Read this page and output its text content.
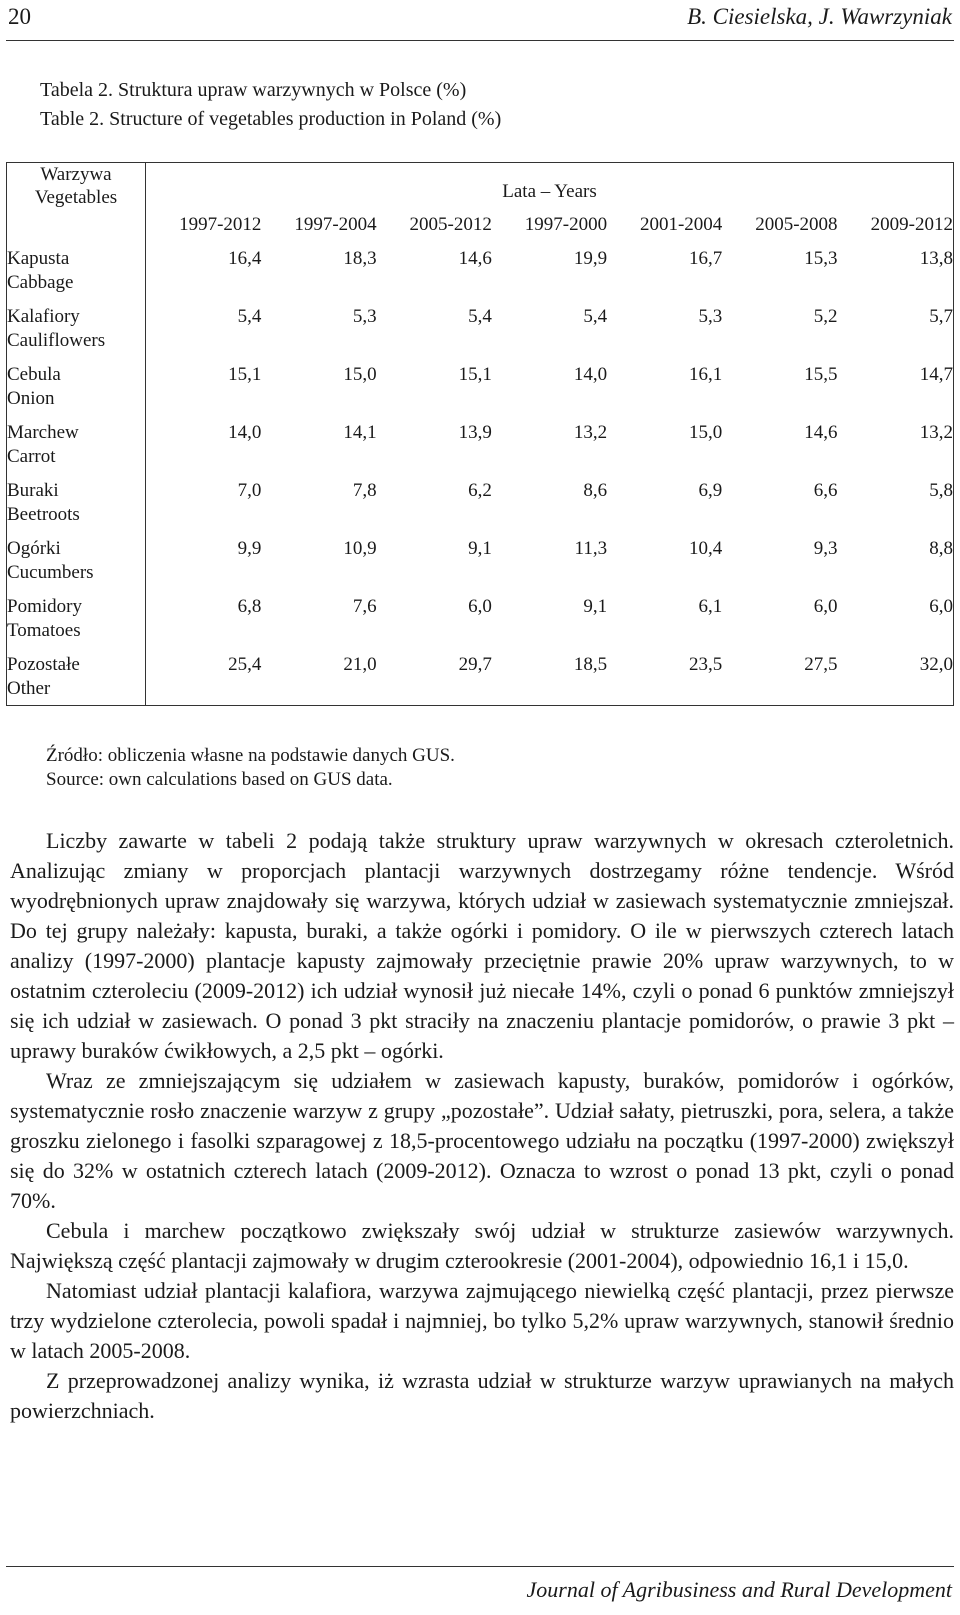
20	B. Ciesielska, J. Wawrzyniak
Tabela 2. Struktura upraw warzywnych w Polsce (%)
Table 2. Structure of vegetables production in Poland (%)
Warzywa
Vegetables	Lata – Years						
	1997-2012	1997-2004	2005-2012	1997-2000	2001-2004	2005-2008	2009-2012

Kapusta
Cabbage	16,4	18,3	14,6	19,9	16,7	15,3	13,8

Kalafiory
Cauliflowers	5,4	5,3	5,4	5,4	5,3	5,2	5,7

Cebula
Onion	15,1	15,0	15,1	14,0	16,1	15,5	14,7

Marchew
Carrot	14,0	14,1	13,9	13,2	15,0	14,6	13,2

Buraki
Beetroots	7,0	7,8	6,2	8,6	6,9	6,6	5,8

Ogórki
Cucumbers	9,9	10,9	9,1	11,3	10,4	9,3	8,8

Pomidory
Tomatoes	6,8	7,6	6,0	9,1	6,1	6,0	6,0

Pozostałe
Other	25,4	21,0	29,7	18,5	23,5	27,5	32,0
Źródło: obliczenia własne na podstawie danych GUS.
Source: own calculations based on GUS data.

Liczby zawarte w tabeli 2 podają także struktury upraw warzywnych w okresach czteroletnich. Analizując zmiany w proporcjach plantacji warzywnych dostrzegamy różne tendencje. Wśród wyodrębnionych upraw znajdowały się warzywa, których udział w zasiewach systematycznie zmniejszał. Do tej grupy należały: kapusta, buraki, a także ogórki i pomidory. O ile w pierwszych czterech latach analizy (1997-2000) plantacje kapusty zajmowały przeciętnie prawie 20% upraw warzywnych, to w ostatnim czteroleciu (2009-2012) ich udział wynosił już niecałe 14%, czyli o ponad 6 punktów zmniejszył się ich udział w zasiewach. O ponad 3 pkt straciły na znaczeniu plantacje pomidorów, o prawie 3 pkt – uprawy buraków ćwikłowych, a 2,5 pkt – ogórki.

Wraz ze zmniejszającym się udziałem w zasiewach kapusty, buraków, pomidorów i ogórków, systematycznie rosło znaczenie warzyw z grupy „pozostałe”. Udział sałaty, pietruszki, pora, selera, a także groszku zielonego i fasolki szparagowej z 18,5-procentowego udziału na początku (1997-2000) zwiększył się do 32% w ostatnich czterech latach (2009-2012). Oznacza to wzrost o ponad 13 pkt, czyli o ponad 70%.

Cebula i marchew początkowo zwiększały swój udział w strukturze zasiewów warzywnych. Największą część plantacji zajmowały w drugim czterookresie (2001-2004), odpowiednio 16,1 i 15,0.

Natomiast udział plantacji kalafiora, warzywa zajmującego niewielką część plantacji, przez pierwsze trzy wydzielone czterolecia, powoli spadał i najmniej, bo tylko 5,2% upraw warzywnych, stanowił średnio w latach 2005-2008.

Z przeprowadzonej analizy wynika, iż wzrasta udział w strukturze warzyw uprawianych na małych powierzchniach.

Journal of Agribusiness and Rural Development
